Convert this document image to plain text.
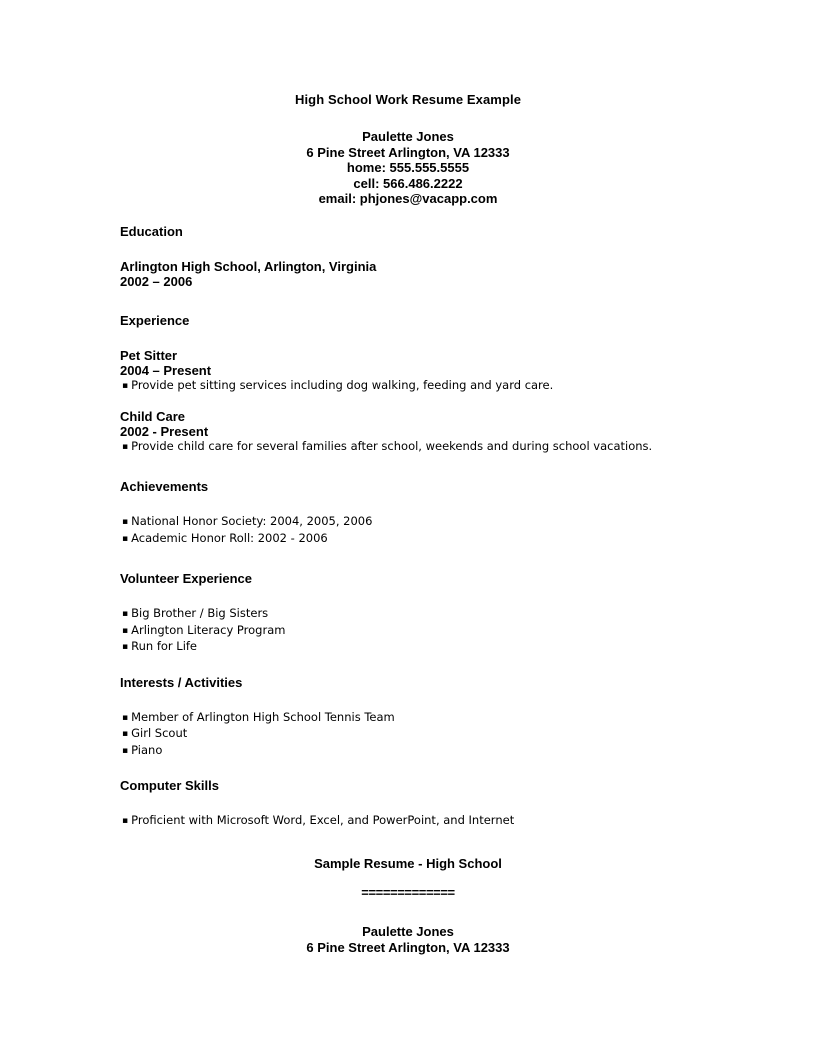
High School Work Resume Example
Paulette Jones
6 Pine Street Arlington, VA 12333
home: 555.555.5555
cell: 566.486.2222
email: phjones@vacapp.com
Education
Arlington High School, Arlington, Virginia
2002 – 2006
Experience
Pet Sitter
2004 – Present
▪ Provide pet sitting services including dog walking, feeding and yard care.
Child Care
2002 - Present
▪ Provide child care for several families after school, weekends and during school vacations.
Achievements
▪ National Honor Society: 2004, 2005, 2006
▪ Academic Honor Roll: 2002 - 2006
Volunteer Experience
▪ Big Brother / Big Sisters
▪ Arlington Literacy Program
▪ Run for Life
Interests / Activities
▪ Member of Arlington High School Tennis Team
▪ Girl Scout
▪ Piano
Computer Skills
▪ Proficient with Microsoft Word, Excel, and PowerPoint, and Internet
Sample Resume - High School
=============
Paulette Jones
6 Pine Street Arlington, VA 12333
